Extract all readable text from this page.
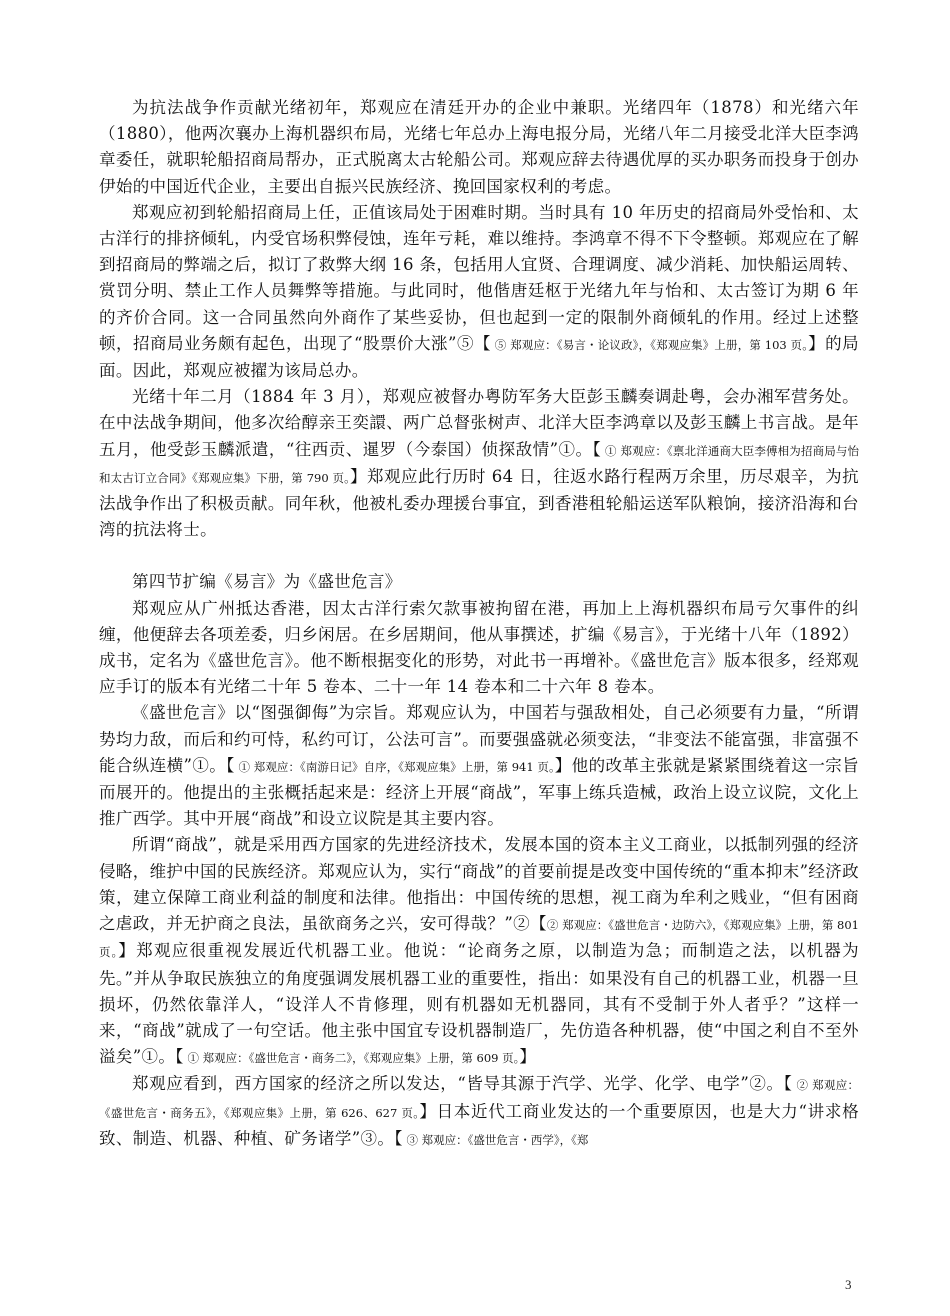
为抗法战争作贡献光绪初年，郑观应在清廷开办的企业中兼职。光绪四年（1878）和光绪六年（1880），他两次襄办上海机器织布局，光绪七年总办上海电报分局，光绪八年二月接受北洋大臣李鸿章委任，就职轮船招商局帮办，正式脱离太古轮船公司。郑观应辞去待遇优厚的买办职务而投身于创办伊始的中国近代企业，主要出自振兴民族经济、挽回国家权利的考虑。

郑观应初到轮船招商局上任，正值该局处于困难时期。当时具有 10 年历史的招商局外受怡和、太古洋行的排挤倾轧，内受官场积弊侵蚀，连年亏耗，难以维持。李鸿章不得不下令整顿。郑观应在了解到招商局的弊端之后，拟订了救弊大纲 16 条，包括用人宜贤、合理调度、减少消耗、加快船运周转、赏罚分明、禁止工作人员舞弊等措施。与此同时，他偕唐廷枢于光绪九年与怡和、太古签订为期 6 年的齐价合同。这一合同虽然向外商作了某些妥协，但也起到一定的限制外商倾轧的作用。经过上述整顿，招商局业务颇有起色，出现了“股票价大涨”⑤【 ⑤ 郑观应：《易言・论议政》，《郑观应集》上册，第 103 页。】的局面。因此，郑观应被擢为该局总办。

光绪十年二月（1884 年 3 月），郑观应被督办粤防军务大臣彭玉麟奏调赴粤，会办湘军营务处。在中法战争期间，他多次给醇亲王奕譞、两广总督张树声、北洋大臣李鸿章以及彭玉麟上书言战。是年五月，他受彭玉麟派遣，“往西贡、暹罗（今泰国）侦探敌情”①。【 ① 郑观应：《禀北洋通商大臣李傅相为招商局与怡和太古订立合同》《郑观应集》下册，第 790 页。】郑观应此行历时 64 日，往返水路行程两万余里，历尽艰辛，为抗法战争作出了积极贡献。同年秋，他被札委办理援台事宜，到香港租轮船运送军队粮饷，接济沿海和台湾的抗法将士。

第四节扩编《易言》为《盛世危言》

郑观应从广州抵达香港，因太古洋行索欠款事被拘留在港，再加上上海机器织布局亏欠事件的纠缠，他便辞去各项差委，归乡闲居。在乡居期间，他从事撰述，扩编《易言》，于光绪十八年（1892）成书，定名为《盛世危言》。他不断根据变化的形势，对此书一再增补。《盛世危言》版本很多，经郑观应手订的版本有光绪二十年 5 卷本、二十一年 14 卷本和二十六年 8 卷本。

《盛世危言》以“图强御侮”为宗旨。郑观应认为，中国若与强敌相处，自己必须要有力量，“所谓势均力敌，而后和约可恃，私约可订，公法可言”。而要强盛就必须变法，“非变法不能富强，非富强不能合纵连横”①。【 ① 郑观应：《南游日记》自序，《郑观应集》上册，第 941 页。】他的改革主张就是紧紧围绕着这一宗旨而展开的。他提出的主张概括起来是：经济上开展“商战”，军事上练兵造械，政治上设立议院，文化上推广西学。其中开展“商战”和设立议院是其主要内容。

所谓“商战”，就是采用西方国家的先进经济技术，发展本国的资本主义工商业，以抵制列强的经济侵略，维护中国的民族经济。郑观应认为，实行“商战”的首要前提是改变中国传统的“重本抑末”经济政策，建立保障工商业利益的制度和法律。他指出：中国传统的思想，视工商为牟利之贱业，“但有困商之虐政，并无护商之良法，虽欲商务之兴，安可得哉？”②【② 郑观应：《盛世危言・边防六》，《郑观应集》上册，第 801 页。】郑观应很重视发展近代机器工业。他说：“论商务之原，以制造为急；而制造之法，以机器为先。”并从争取民族独立的角度强调发展机器工业的重要性，指出：如果没有自己的机器工业，机器一旦损坏，仍然依靠洋人，“设洋人不肯修理，则有机器如无机器同，其有不受制于外人者乎？”这样一来，“商战”就成了一句空话。他主张中国宜专设机器制造厂，先仿造各种机器，使“中国之利自不至外溢矣”①。【 ① 郑观应：《盛世危言・商务二》，《郑观应集》上册，第 609 页。】

郑观应看到，西方国家的经济之所以发达，“皆导其源于汽学、光学、化学、电学”②。【 ② 郑观应：《盛世危言・商务五》，《郑观应集》上册，第 626、627 页。】日本近代工商业发达的一个重要原因，也是大力“讲求格致、制造、机器、种植、矿务诸学”③。【 ③ 郑观应：《盛世危言・西学》，《郑

3
